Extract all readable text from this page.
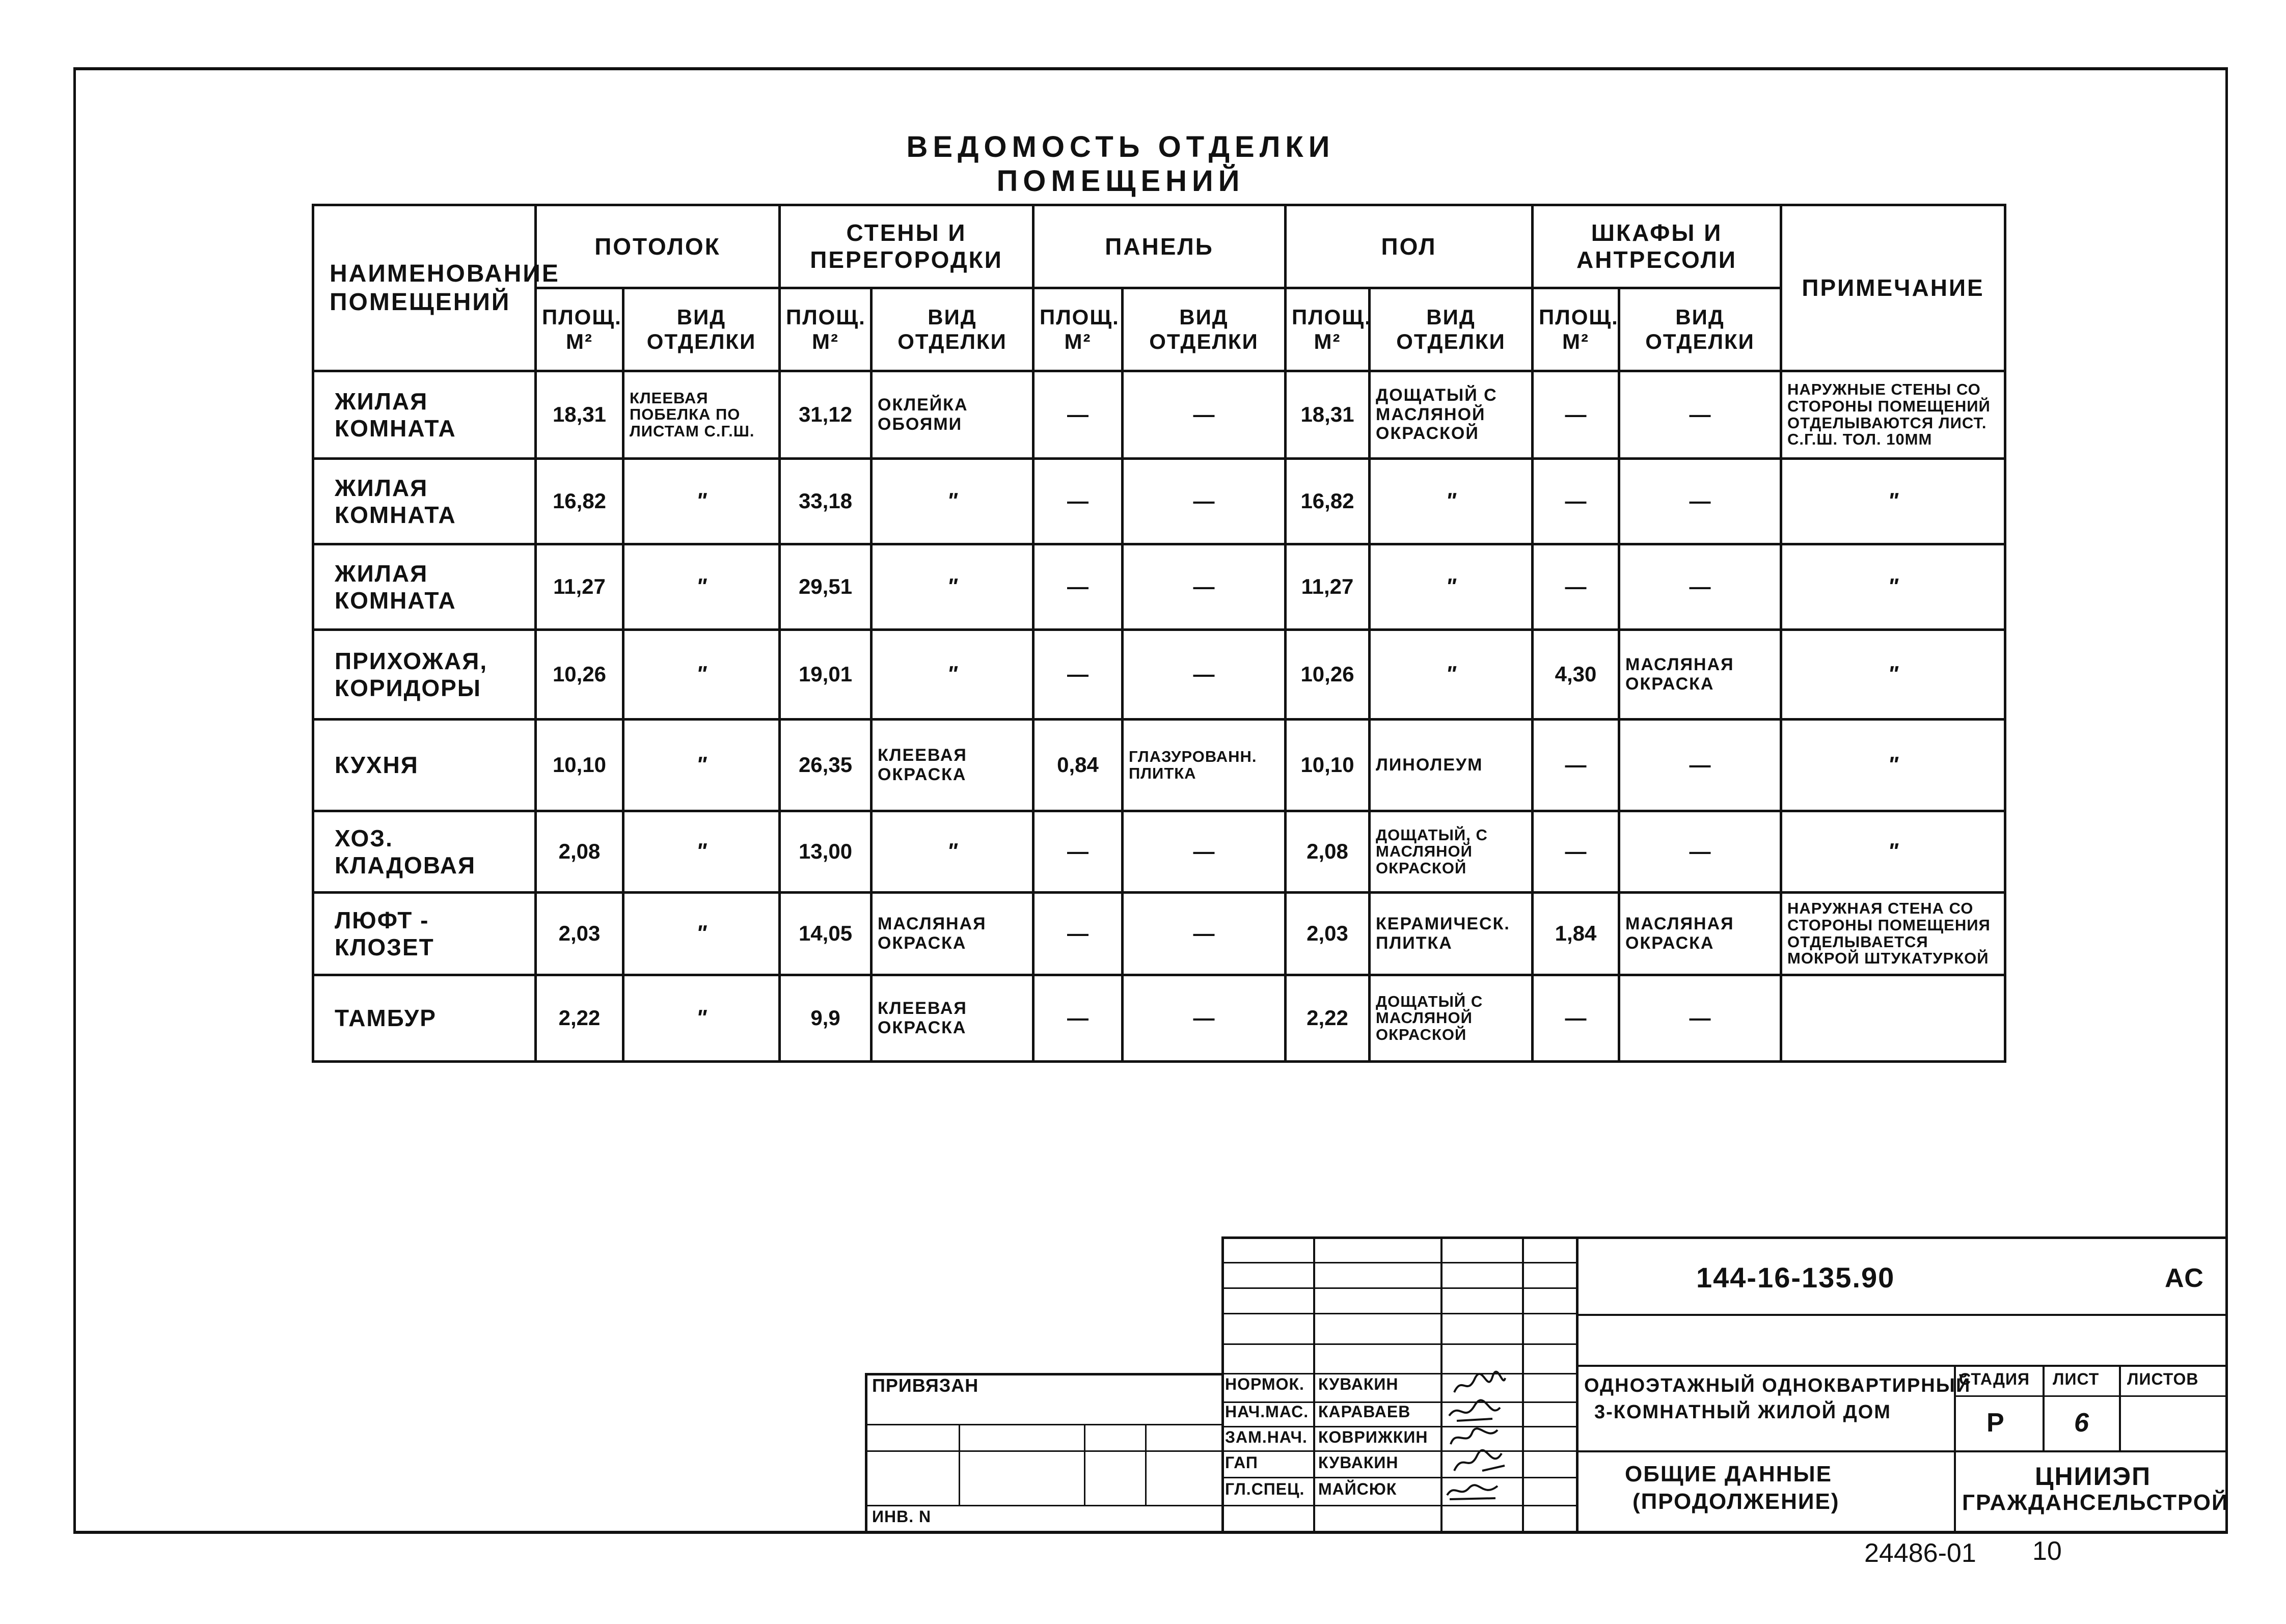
ВЕДОМОСТЬ ОТДЕЛКИ ПОМЕЩЕНИЙ
НАИМЕНОВАНИЕ ПОМЕЩЕНИЙ	ПОТОЛОК		СТЕНЫ И ПЕРЕГОРОДКИ		ПАНЕЛЬ		ПОЛ		ШКАФЫ И АНТРЕСОЛИ		ПРИМЕЧАНИЕ
	ПЛОЩ. М²	ВИД ОТДЕЛКИ	ПЛОЩ. М²	ВИД ОТДЕЛКИ	ПЛОЩ. М²	ВИД ОТДЕЛКИ	ПЛОЩ. М²	ВИД ОТДЕЛКИ	ПЛОЩ. М²	ВИД ОТДЕЛКИ	
ЖИЛАЯ КОМНАТА	18,31	КЛЕЕВАЯ ПОБЕЛКА ПО ЛИСТАМ С.Г.Ш.	31,12	ОКЛЕЙКА ОБОЯМИ	—	—	18,31	ДОЩАТЫЙ С МАСЛЯНОЙ ОКРАСКОЙ	—	—	НАРУЖНЫЕ СТЕНЫ СО СТОРОНЫ ПОМЕЩЕНИЙ ОТДЕЛЫВАЮТСЯ ЛИСТ. С.Г.Ш. ТОЛ. 10ММ
ЖИЛАЯ КОМНАТА	16,82	"	33,18	"	—	—	16,82	"	—	—	"
ЖИЛАЯ КОМНАТА	11,27	"	29,51	"	—	—	11,27	"	—	—	"
ПРИХОЖАЯ, КОРИДОРЫ	10,26	"	19,01	"	—	—	10,26	"	4,30	МАСЛЯНАЯ ОКРАСКА	"
КУХНЯ	10,10	"	26,35	КЛЕЕВАЯ ОКРАСКА	0,84	ГЛАЗУРОВАНН. ПЛИТКА	10,10	ЛИНОЛЕУМ	—	—	"
ХОЗ. КЛАДОВАЯ	2,08	"	13,00	"	—	—	2,08	ДОЩАТЫЙ, С МАСЛЯНОЙ ОКРАСКОЙ	—	—	"
ЛЮФТ - КЛОЗЕТ	2,03	"	14,05	МАСЛЯНАЯ ОКРАСКА	—	—	2,03	КЕРАМИЧЕСК. ПЛИТКА	1,84	МАСЛЯНАЯ ОКРАСКА	НАРУЖНАЯ СТЕНА СО СТОРОНЫ ПОМЕЩЕНИЯ ОТДЕЛЫВАЕТСЯ МОКРОЙ ШТУКАТУРКОЙ
ТАМБУР	2,22	"	9,9	КЛЕЕВАЯ ОКРАСКА	—	—	2,22	ДОЩАТЫЙ С МАСЛЯНОЙ ОКРАСКОЙ	—	—	
144-16-135.90	АС
ПРИВЯЗАН
ИНВ. N
НОРМОК. КУВАКИН
НАЧ.МАС. КАРАВАЕВ
ЗАМ.НАЧ. КОВРИЖКИН
ГАП	КУВАКИН
ГЛ.СПЕЦ. МАЙСЮК
ОДНОЭТАЖНЫЙ ОДНОКВАРТИРНЫЙ
3-КОМНАТНЫЙ ЖИЛОЙ ДОМ
ОБЩИЕ ДАННЫЕ
(ПРОДОЛЖЕНИЕ)
СТАДИЯ ЛИСТ ЛИСТОВ
Р	6
ЦНИИЭП
ГРАЖДАНСЕЛЬСТРОЙ
24486-01 10
